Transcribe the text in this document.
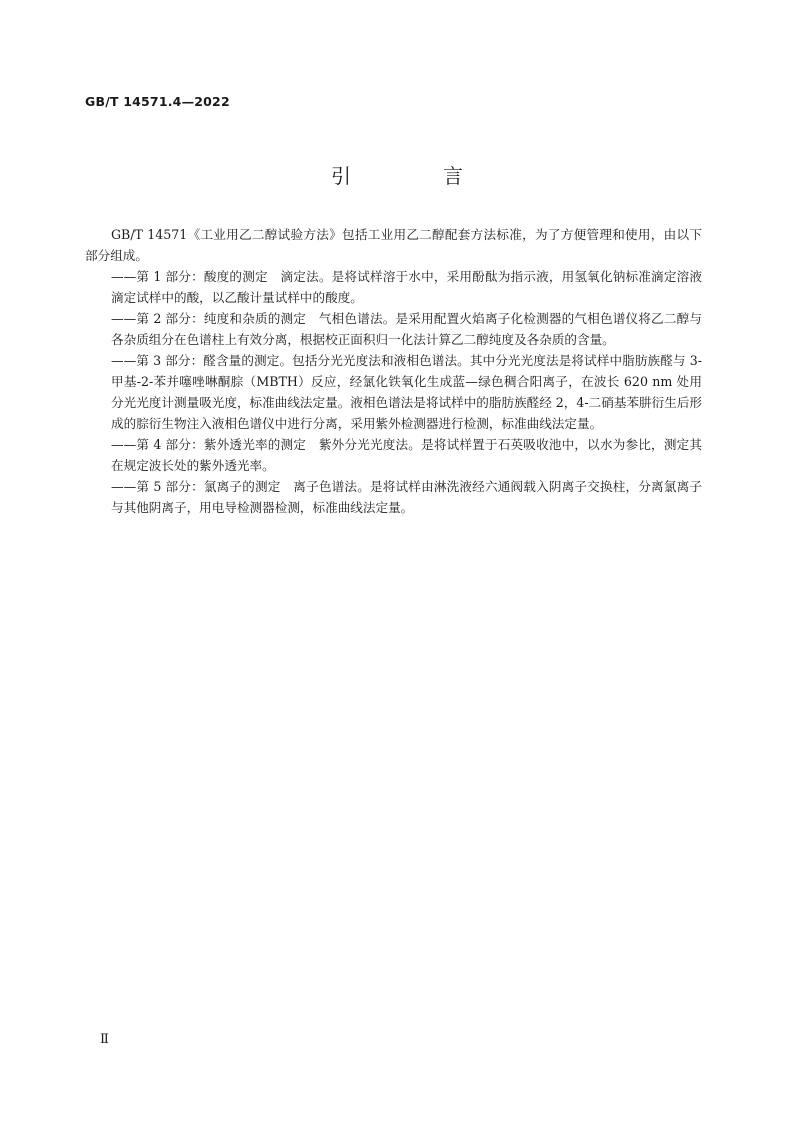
GB/T 14571.4—2022
引　言

GB/T 14571《工业用乙二醇试验方法》包括工业用乙二醇配套方法标准，为了方便管理和使用，由以下部分组成。

——第 1 部分：酸度的测定　滴定法。是将试样溶于水中，采用酚酞为指示液，用氢氧化钠标准滴定溶液滴定试样中的酸，以乙酸计量试样中的酸度。

——第 2 部分：纯度和杂质的测定　气相色谱法。是采用配置火焰离子化检测器的气相色谱仪将乙二醇与各杂质组分在色谱柱上有效分离，根据校正面积归一化法计算乙二醇纯度及各杂质的含量。

——第 3 部分：醛含量的测定。包括分光光度法和液相色谱法。其中分光光度法是将试样中脂肪族醛与 3-甲基-2-苯并噻唑啉酮腙（MBTH）反应，经氯化铁氧化生成蓝—绿色稠合阳离子，在波长 620 nm 处用分光光度计测量吸光度，标准曲线法定量。液相色谱法是将试样中的脂肪族醛经 2，4-二硝基苯肼衍生后形成的腙衍生物注入液相色谱仪中进行分离，采用紫外检测器进行检测，标准曲线法定量。

——第 4 部分：紫外透光率的测定　紫外分光光度法。是将试样置于石英吸收池中，以水为参比，测定其在规定波长处的紫外透光率。

——第 5 部分：氯离子的测定　离子色谱法。是将试样由淋洗液经六通阀载入阴离子交换柱，分离氯离子与其他阴离子，用电导检测器检测，标准曲线法定量。

Ⅱ
